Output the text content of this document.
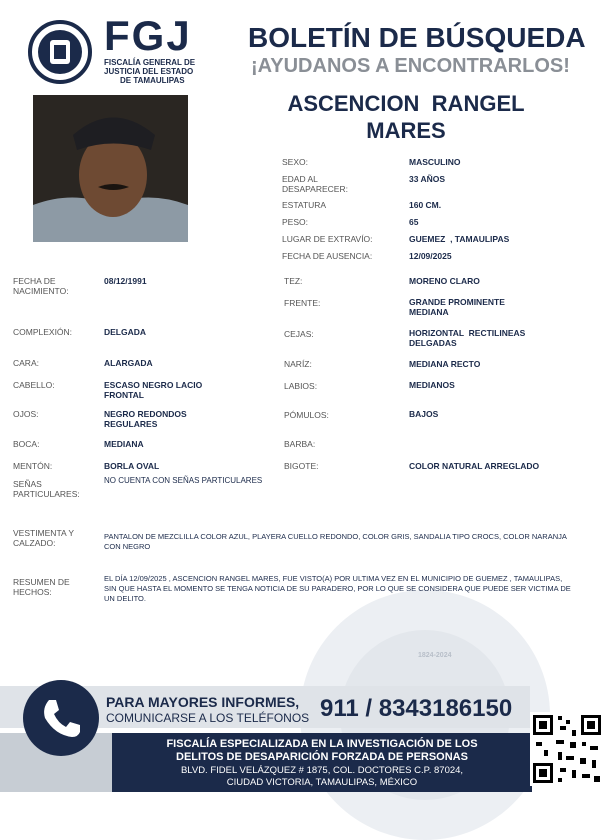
1824-2024
FGJ
FISCALÍA GENERAL DE
JUSTICIA DEL ESTADO
DE TAMAULIPAS
BOLETÍN DE BÚSQUEDA
¡AYUDANOS A ENCONTRARLOS!
ASCENCION  RANGEL
MARES
SEXO:	MASCULINO
EDAD AL
DESAPARECER:
33 AÑOS
ESTATURA	160 CM.
PESO:	65
LUGAR DE EXTRAVÍO:	GUEMEZ  , TAMAULIPAS
FECHA DE AUSENCIA:	12/09/2025
FECHA DE
NACIMIENTO:
08/12/1991
COMPLEXIÓN:	DELGADA
CARA:	ALARGADA
CABELLO:	ESCASO NEGRO LACIO
FRONTAL
OJOS:	NEGRO REDONDOS
REGULARES
BOCA:	MEDIANA
MENTÓN:	BORLA OVAL
SEÑAS
PARTICULARES:
NO CUENTA CON SEÑAS PARTICULARES
TEZ:	MORENO CLARO
FRENTE:	GRANDE PROMINENTE
MEDIANA
CEJAS:	HORIZONTAL  RECTILINEAS
DELGADAS
NARÍZ:	MEDIANA RECTO
LABIOS:	MEDIANOS
PÓMULOS:	BAJOS
BARBA:
BIGOTE:	COLOR NATURAL ARREGLADO
VESTIMENTA Y
CALZADO:
PANTALON DE MEZCLILLA COLOR AZUL, PLAYERA CUELLO REDONDO, COLOR GRIS, SANDALIA TIPO CROCS, COLOR NARANJA CON NEGRO
RESUMEN DE
HECHOS:
EL DÍA 12/09/2025 , ASCENCION RANGEL MARES, FUE VISTO(A) POR ULTIMA VEZ EN EL MUNICIPIO DE GUEMEZ , TAMAULIPAS, SIN QUE HASTA EL MOMENTO SE TENGA NOTICIA DE SU PARADERO, POR LO QUE SE CONSIDERA QUE PUEDE SER VICTIMA DE UN DELITO.
PARA MAYORES INFORMES,
COMUNICARSE A LOS TELÉFONOS 911 / 8343186150
FISCALÍA ESPECIALIZADA EN LA INVESTIGACIÓN DE LOS
DELITOS DE DESAPARICIÓN FORZADA DE PERSONAS
BLVD. FIDEL VELÁZQUEZ # 1875, COL. DOCTORES C.P. 87024,
CIUDAD VICTORIA, TAMAULIPAS, MÉXICO
